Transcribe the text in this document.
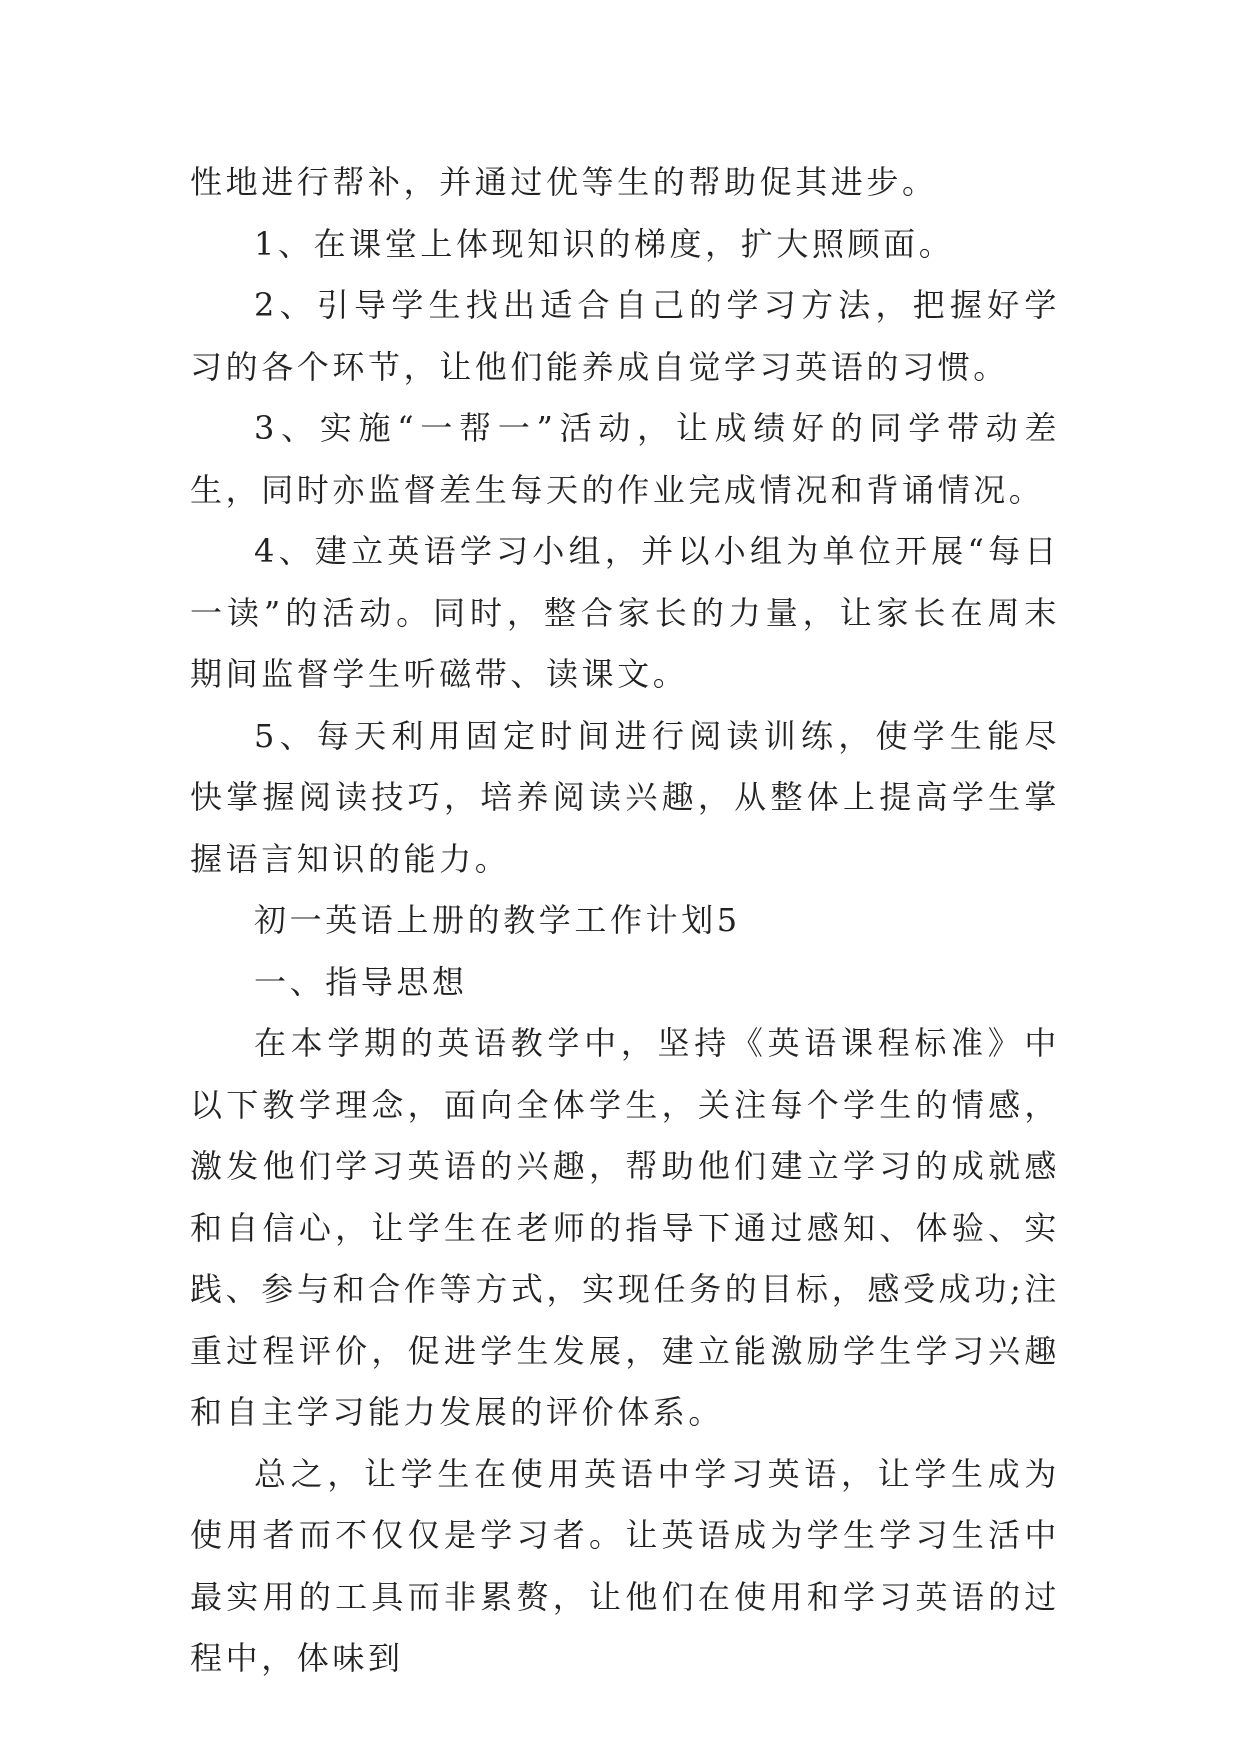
性地进行帮补，并通过优等生的帮助促其进步。

1、在课堂上体现知识的梯度，扩大照顾面。

2、引导学生找出适合自己的学习方法，把握好学习的各个环节，让他们能养成自觉学习英语的习惯。

3、实施“一帮一”活动，让成绩好的同学带动差生，同时亦监督差生每天的作业完成情况和背诵情况。

4、建立英语学习小组，并以小组为单位开展“每日一读”的活动。同时，整合家长的力量，让家长在周末期间监督学生听磁带、读课文。

5、每天利用固定时间进行阅读训练，使学生能尽快掌握阅读技巧，培养阅读兴趣，从整体上提高学生掌握语言知识的能力。

初一英语上册的教学工作计划5

一、指导思想

在本学期的英语教学中，坚持《英语课程标准》中以下教学理念，面向全体学生，关注每个学生的情感，激发他们学习英语的兴趣，帮助他们建立学习的成就感和自信心，让学生在老师的指导下通过感知、体验、实践、参与和合作等方式，实现任务的目标，感受成功;注重过程评价，促进学生发展，建立能激励学生学习兴趣和自主学习能力发展的评价体系。

总之，让学生在使用英语中学习英语，让学生成为使用者而不仅仅是学习者。让英语成为学生学习生活中最实用的工具而非累赘，让他们在使用和学习英语的过程中，体味到
